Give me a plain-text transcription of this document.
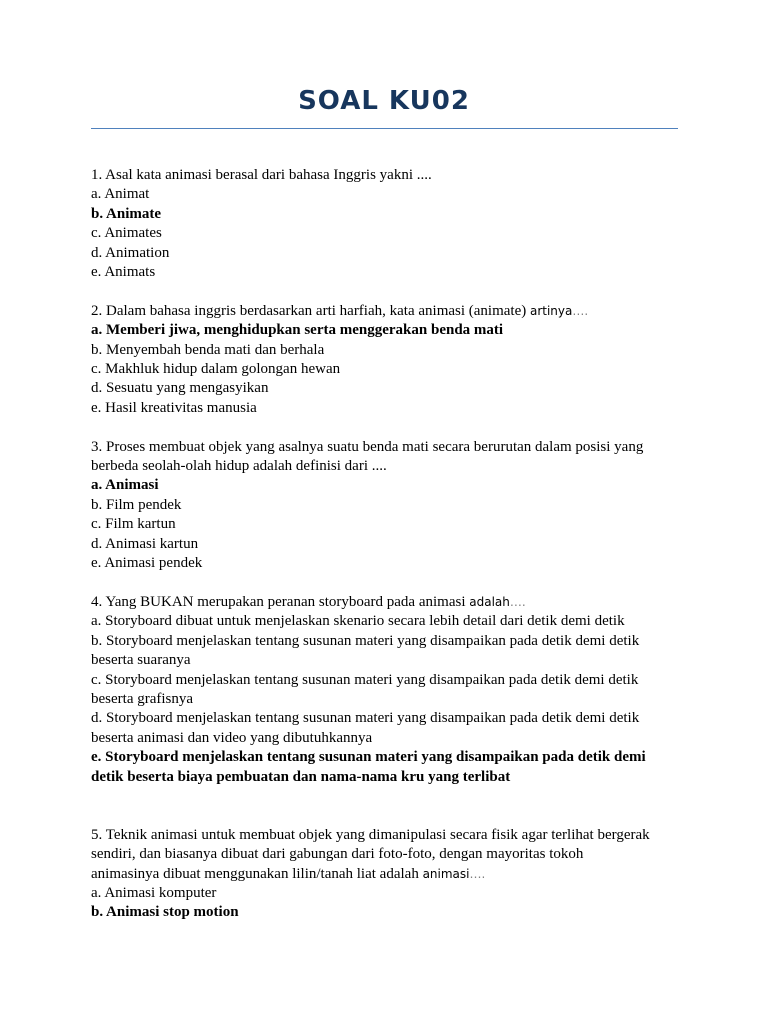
SOAL KU02
1. Asal kata animasi berasal dari bahasa Inggris yakni ....
a. Animat
b. Animate
c. Animates
d. Animation
e. Animats
2. Dalam bahasa inggris berdasarkan arti harfiah, kata animasi (animate) artinya….
a. Memberi jiwa, menghidupkan serta menggerakan benda mati
b. Menyembah benda mati dan berhala
c. Makhluk hidup dalam golongan hewan
d. Sesuatu yang mengasyikan
e. Hasil kreativitas manusia
3. Proses membuat objek yang asalnya suatu benda mati secara berurutan dalam posisi yang
berbeda seolah-olah hidup adalah definisi dari ....
a. Animasi
b. Film pendek
c. Film kartun
d. Animasi kartun
e. Animasi pendek
4. Yang BUKAN merupakan peranan storyboard pada animasi adalah….
a. Storyboard dibuat untuk menjelaskan skenario secara lebih detail dari detik demi detik
b. Storyboard menjelaskan tentang susunan materi yang disampaikan pada detik demi detik
beserta suaranya
c. Storyboard menjelaskan tentang susunan materi yang disampaikan pada detik demi detik
beserta grafisnya
d. Storyboard menjelaskan tentang susunan materi yang disampaikan pada detik demi detik
beserta animasi dan video yang dibutuhkannya
e. Storyboard menjelaskan tentang susunan materi yang disampaikan pada detik demi
detik beserta biaya pembuatan dan nama-nama kru yang terlibat
5. Teknik animasi untuk membuat objek yang dimanipulasi secara fisik agar terlihat bergerak
sendiri, dan biasanya dibuat dari gabungan dari foto-foto, dengan mayoritas tokoh
animasinya dibuat menggunakan lilin/tanah liat adalah animasi….
a. Animasi komputer
b. Animasi stop motion
